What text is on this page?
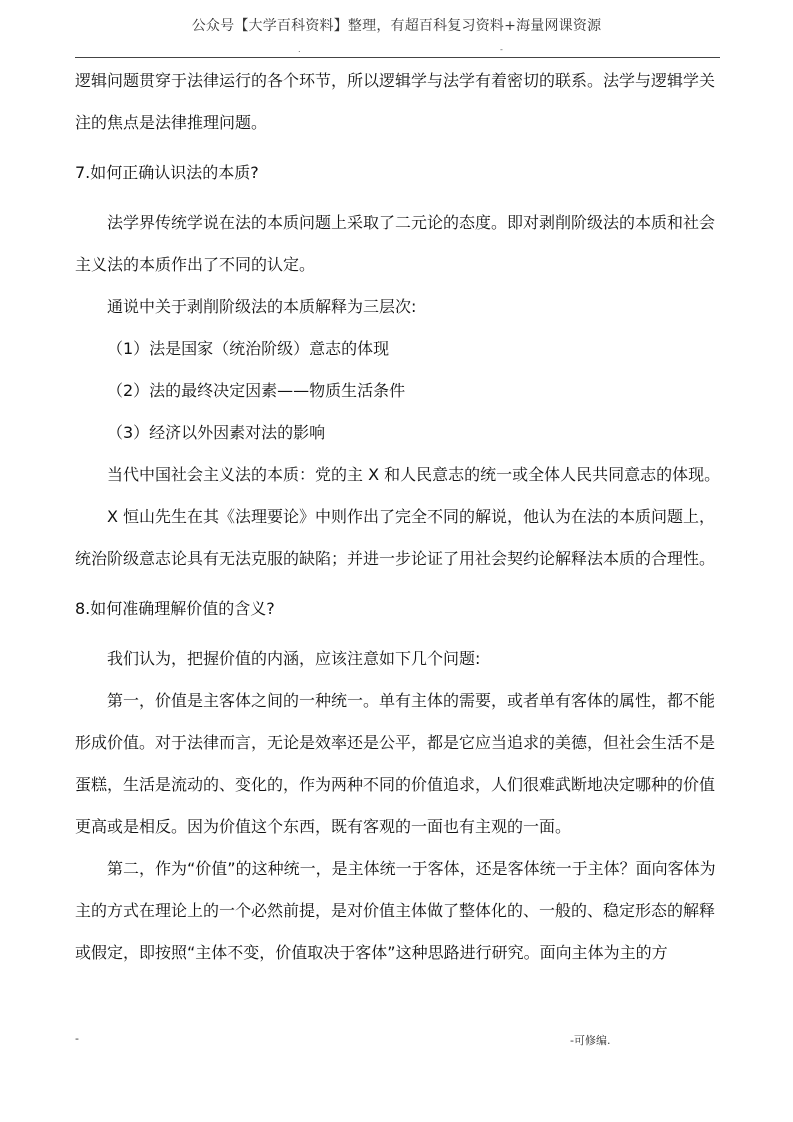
公众号【大学百科资料】整理，有超百科复习资料+海量网课资源
.	-

逻辑问题贯穿于法律运行的各个环节，所以逻辑学与法学有着密切的联系。法学与逻辑学关注的焦点是法律推理问题。

7.如何正确认识法的本质?

法学界传统学说在法的本质问题上采取了二元论的态度。即对剥削阶级法的本质和社会主义法的本质作出了不同的认定。

通说中关于剥削阶级法的本质解释为三层次:

（1）法是国家（统治阶级）意志的体现

（2）法的最终决定因素——物质生活条件

（3）经济以外因素对法的影响

当代中国社会主义法的本质：党的主 X 和人民意志的统一或全体人民共同意志的体现。

X 恒山先生在其《法理要论》中则作出了完全不同的解说，他认为在法的本质问题上，统治阶级意志论具有无法克服的缺陷；并进一步论证了用社会契约论解释法本质的合理性。

8.如何准确理解价值的含义?

我们认为，把握价值的内涵，应该注意如下几个问题:

第一，价值是主客体之间的一种统一。单有主体的需要，或者单有客体的属性，都不能形成价值。对于法律而言，无论是效率还是公平，都是它应当追求的美德，但社会生活不是蛋糕，生活是流动的、变化的，作为两种不同的价值追求，人们很难武断地决定哪种的价值更高或是相反。因为价值这个东西，既有客观的一面也有主观的一面。

第二，作为“价值”的这种统一，是主体统一于客体，还是客体统一于主体？面向客体为主的方式在理论上的一个必然前提，是对价值主体做了整体化的、一般的、稳定形态的解释或假定，即按照“主体不变，价值取决于客体”这种思路进行研究。面向主体为主的方

-	-可修编.
